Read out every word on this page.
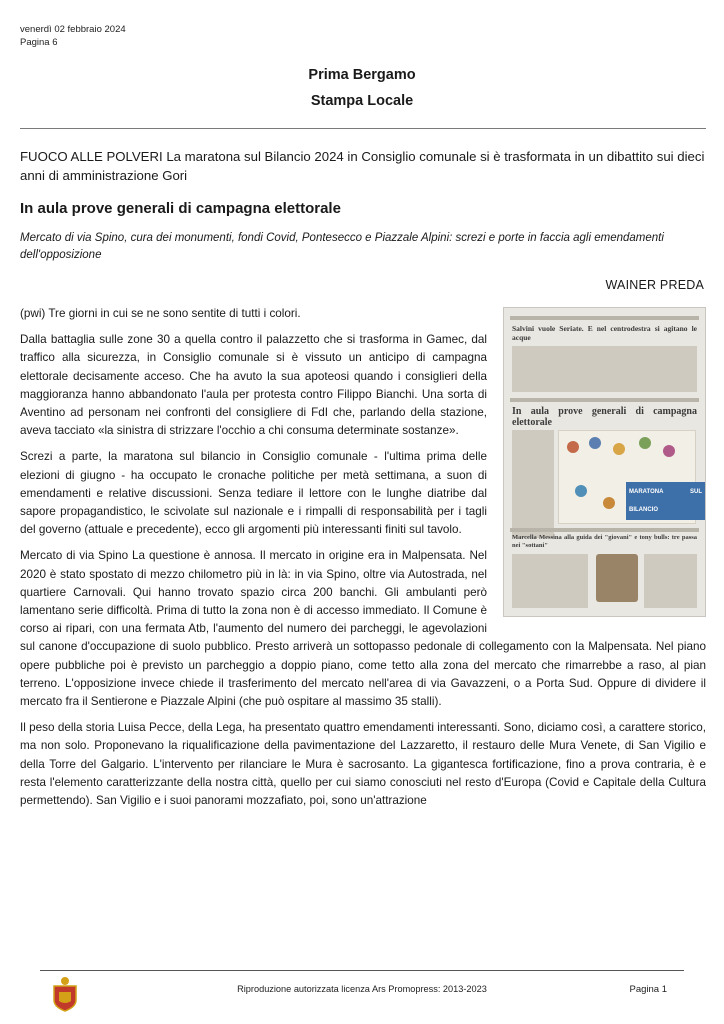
venerdì 02 febbraio 2024
Pagina 6
Prima Bergamo
Stampa Locale
FUOCO ALLE POLVERI La maratona sul Bilancio 2024 in Consiglio comunale si è trasformata in un dibattito sui dieci anni di amministrazione Gori
In aula prove generali di campagna elettorale
Mercato di via Spino, cura dei monumenti, fondi Covid, Pontesecco e Piazzale Alpini: screzi e porte in faccia agli emendamenti dell'opposizione
WAINER PREDA
Salvini vuole Seriate. E nel centrodestra si agitano le acque
In aula prove generali di campagna elettorale
MARATONA SUL BILANCIO
Marcella Messina alla guida dei "giovani" e tony bulls: tre passa nei "sottani"

(pwi) Tre giorni in cui se ne sono sentite di tutti i colori.

Dalla battaglia sulle zone 30 a quella contro il palazzetto che si trasforma in Gamec, dal traffico alla sicurezza, in Consiglio comunale si è vissuto un anticipo di campagna elettorale decisamente acceso. Che ha avuto la sua apoteosi quando i consiglieri della maggioranza hanno abbandonato l'aula per protesta contro Filippo Bianchi. Una sorta di Aventino ad personam nei confronti del consigliere di FdI che, parlando della stazione, aveva tacciato «la sinistra di strizzare l'occhio a chi consuma determinate sostanze».

Screzi a parte, la maratona sul bilancio in Consiglio comunale - l'ultima prima delle elezioni di giugno - ha occupato le cronache politiche per metà settimana, a suon di emendamenti e relative discussioni. Senza tediare il lettore con le lunghe diatribe dal sapore propagandistico, le scivolate sul nazionale e i rimpalli di responsabilità per i tagli del governo (attuale e precedente), ecco gli argomenti più interessanti finiti sul tavolo.

Mercato di via Spino La questione è annosa. Il mercato in origine era in Malpensata. Nel 2020 è stato spostato di mezzo chilometro più in là: in via Spino, oltre via Autostrada, nel quartiere Carnovali. Qui hanno trovato spazio circa 200 banchi. Gli ambulanti però lamentano serie difficoltà. Prima di tutto la zona non è di accesso immediato. Il Comune è corso ai ripari, con una fermata Atb, l'aumento del numero dei parcheggi, le agevolazioni sul canone d'occupazione di suolo pubblico. Presto arriverà un sottopasso pedonale di collegamento con la Malpensata. Nel piano opere pubbliche poi è previsto un parcheggio a doppio piano, come tetto alla zona del mercato che rimarrebbe a raso, al pian terreno. L'opposizione invece chiede il trasferimento del mercato nell'area di via Gavazzeni, o a Porta Sud. Oppure di dividere il mercato fra il Sentierone e Piazzale Alpini (che può ospitare al massimo 35 stalli).

Il peso della storia Luisa Pecce, della Lega, ha presentato quattro emendamenti interessanti. Sono, diciamo così, a carattere storico, ma non solo. Proponevano la riqualificazione della pavimentazione del Lazzaretto, il restauro delle Mura Venete, di San Vigilio e della Torre del Galgario. L'intervento per rilanciare le Mura è sacrosanto. La gigantesca fortificazione, fino a prova contraria, è e resta l'elemento caratterizzante della nostra città, quello per cui siamo conosciuti nel resto d'Europa (Covid e Capitale della Cultura permettendo). San Vigilio e i suoi panorami mozzafiato, poi, sono un'attrazione

Riproduzione autorizzata licenza Ars Promopress: 2013-2023	Pagina 1
